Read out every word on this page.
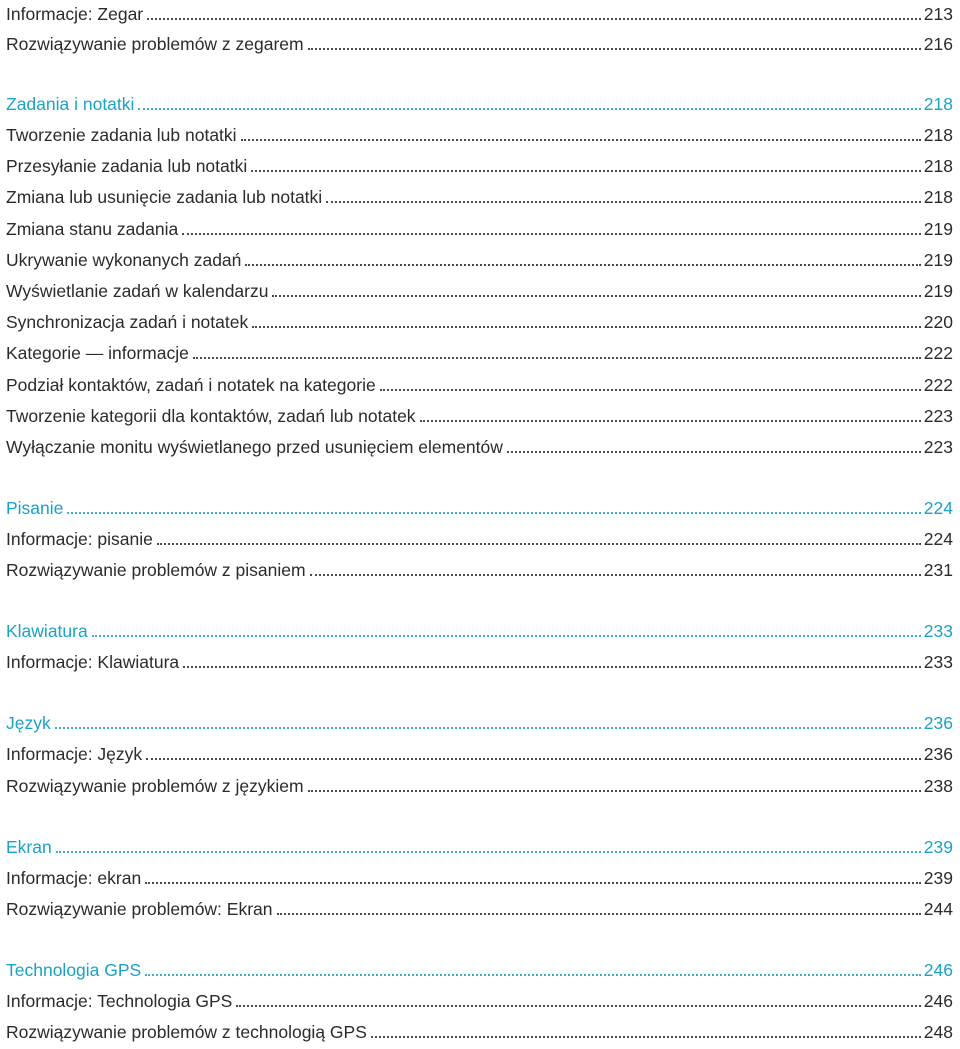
Informacje: Zegar	213
Rozwiązywanie problemów z zegarem	216
Zadania i notatki	218
Tworzenie zadania lub notatki	218
Przesyłanie zadania lub notatki	218
Zmiana lub usunięcie zadania lub notatki	218
Zmiana stanu zadania	219
Ukrywanie wykonanych zadań	219
Wyświetlanie zadań w kalendarzu	219
Synchronizacja zadań i notatek	220
Kategorie — informacje	222
Podział kontaktów, zadań i notatek na kategorie	222
Tworzenie kategorii dla kontaktów, zadań lub notatek	223
Wyłączanie monitu wyświetlanego przed usunięciem elementów	223
Pisanie	224
Informacje: pisanie	224
Rozwiązywanie problemów z pisaniem	231
Klawiatura	233
Informacje: Klawiatura	233
Język	236
Informacje: Język	236
Rozwiązywanie problemów z językiem	238
Ekran	239
Informacje: ekran	239
Rozwiązywanie problemów: Ekran	244
Technologia GPS	246
Informacje: Technologia GPS	246
Rozwiązywanie problemów z technologią GPS	248
